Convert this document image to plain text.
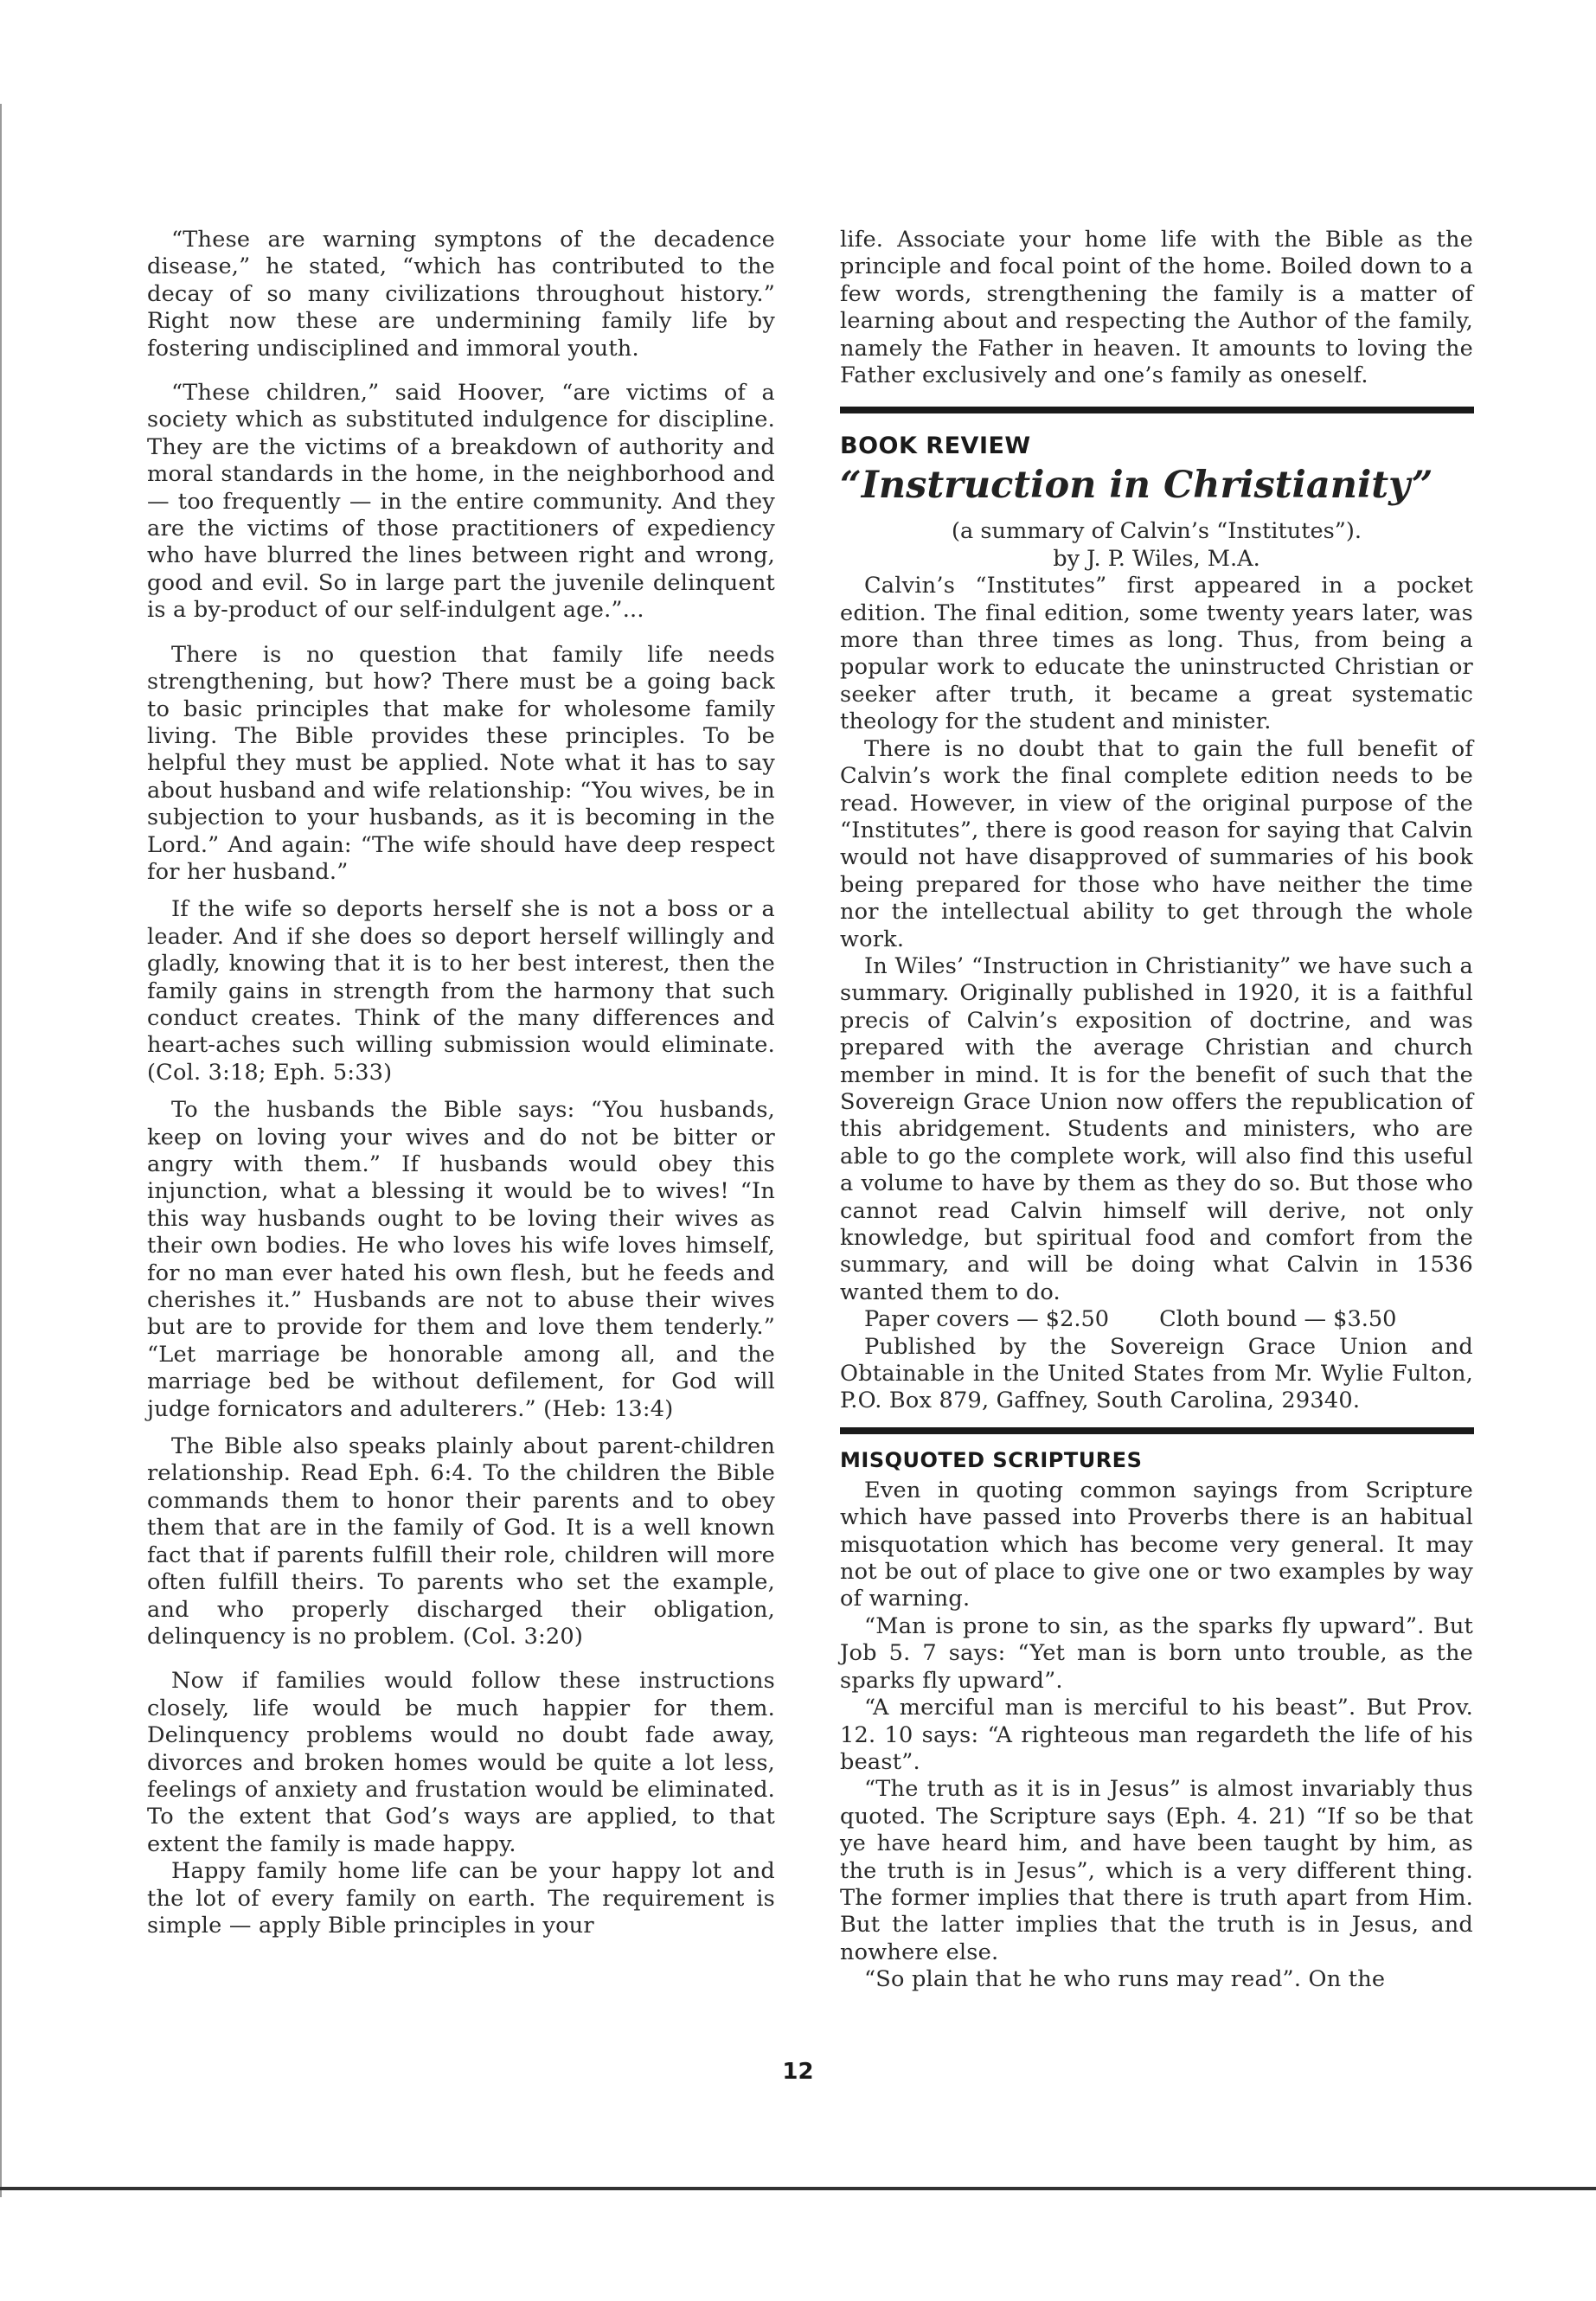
“These are warning symptons of the decadence disease,” he stated, “which has contributed to the decay of so many civilizations throughout history.” Right now these are undermining family life by fostering undisciplined and immoral youth.

“These children,” said Hoover, “are victims of a society which as substituted indulgence for discipline. They are the victims of a breakdown of authority and moral standards in the home, in the neighborhood and — too frequently — in the entire community. And they are the victims of those practitioners of expediency who have blurred the lines between right and wrong, good and evil. So in large part the juvenile delinquent is a by-product of our self-indulgent age.”...

There is no question that family life needs strengthening, but how? There must be a going back to basic principles that make for wholesome family living. The Bible provides these principles. To be helpful they must be applied. Note what it has to say about husband and wife relationship: “You wives, be in subjection to your husbands, as it is becoming in the Lord.” And again: “The wife should have deep respect for her husband.”

If the wife so deports herself she is not a boss or a leader. And if she does so deport herself willingly and gladly, knowing that it is to her best interest, then the family gains in strength from the harmony that such conduct creates. Think of the many differences and heart-aches such willing submission would eliminate. (Col. 3:18; Eph. 5:33)

To the husbands the Bible says: “You husbands, keep on loving your wives and do not be bitter or angry with them.” If husbands would obey this injunction, what a blessing it would be to wives! “In this way husbands ought to be loving their wives as their own bodies. He who loves his wife loves himself, for no man ever hated his own flesh, but he feeds and cherishes it.” Husbands are not to abuse their wives but are to provide for them and love them tenderly.” “Let marriage be honorable among all, and the marriage bed be without defilement, for God will judge fornicators and adulterers.” (Heb: 13:4)

The Bible also speaks plainly about parent-children relationship. Read Eph. 6:4. To the children the Bible commands them to honor their parents and to obey them that are in the family of God. It is a well known fact that if parents fulfill their role, children will more often fulfill theirs. To parents who set the example, and who properly discharged their obligation, delinquency is no problem. (Col. 3:20)

Now if families would follow these instructions closely, life would be much happier for them. Delinquency problems would no doubt fade away, divorces and broken homes would be quite a lot less, feelings of anxiety and frustation would be eliminated. To the extent that God’s ways are applied, to that extent the family is made happy.

Happy family home life can be your happy lot and the lot of every family on earth. The requirement is simple — apply Bible principles in your

life. Associate your home life with the Bible as the principle and focal point of the home. Boiled down to a few words, strengthening the family is a matter of learning about and respecting the Author of the family, namely the Father in heaven. It amounts to loving the Father exclusively and one’s family as oneself.

BOOK REVIEW
“Instruction in Christianity”

(a summary of Calvin’s “Institutes”).

by J. P. Wiles, M.A.

Calvin’s “Institutes” first appeared in a pocket edition. The final edition, some twenty years later, was more than three times as long. Thus, from being a popular work to educate the uninstructed Christian or seeker after truth, it became a great systematic theology for the student and minister.

There is no doubt that to gain the full benefit of Calvin’s work the final complete edition needs to be read. However, in view of the original purpose of the “Institutes”, there is good reason for saying that Calvin would not have disapproved of summaries of his book being prepared for those who have neither the time nor the intellectual ability to get through the whole work.

In Wiles’ “Instruction in Christianity” we have such a summary. Originally published in 1920, it is a faithful precis of Calvin’s exposition of doctrine, and was prepared with the average Christian and church member in mind. It is for the benefit of such that the Sovereign Grace Union now offers the republication of this abridgement. Students and ministers, who are able to go the complete work, will also find this useful a volume to have by them as they do so. But those who cannot read Calvin himself will derive, not only knowledge, but spiritual food and comfort from the summary, and will be doing what Calvin in 1536 wanted them to do.

Paper covers — $2.50 Cloth bound — $3.50

Published by the Sovereign Grace Union and Obtainable in the United States from Mr. Wylie Fulton, P.O. Box 879, Gaffney, South Carolina, 29340.

MISQUOTED SCRIPTURES

Even in quoting common sayings from Scripture which have passed into Proverbs there is an habitual misquotation which has become very general. It may not be out of place to give one or two examples by way of warning.

“Man is prone to sin, as the sparks fly upward”. But Job 5. 7 says: “Yet man is born unto trouble, as the sparks fly upward”.

“A merciful man is merciful to his beast”. But Prov. 12. 10 says: “A righteous man regardeth the life of his beast”.

“The truth as it is in Jesus” is almost invariably thus quoted. The Scripture says (Eph. 4. 21) “If so be that ye have heard him, and have been taught by him, as the truth is in Jesus”, which is a very different thing. The former implies that there is truth apart from Him. But the latter implies that the truth is in Jesus, and nowhere else.

“So plain that he who runs may read”. On the

12
